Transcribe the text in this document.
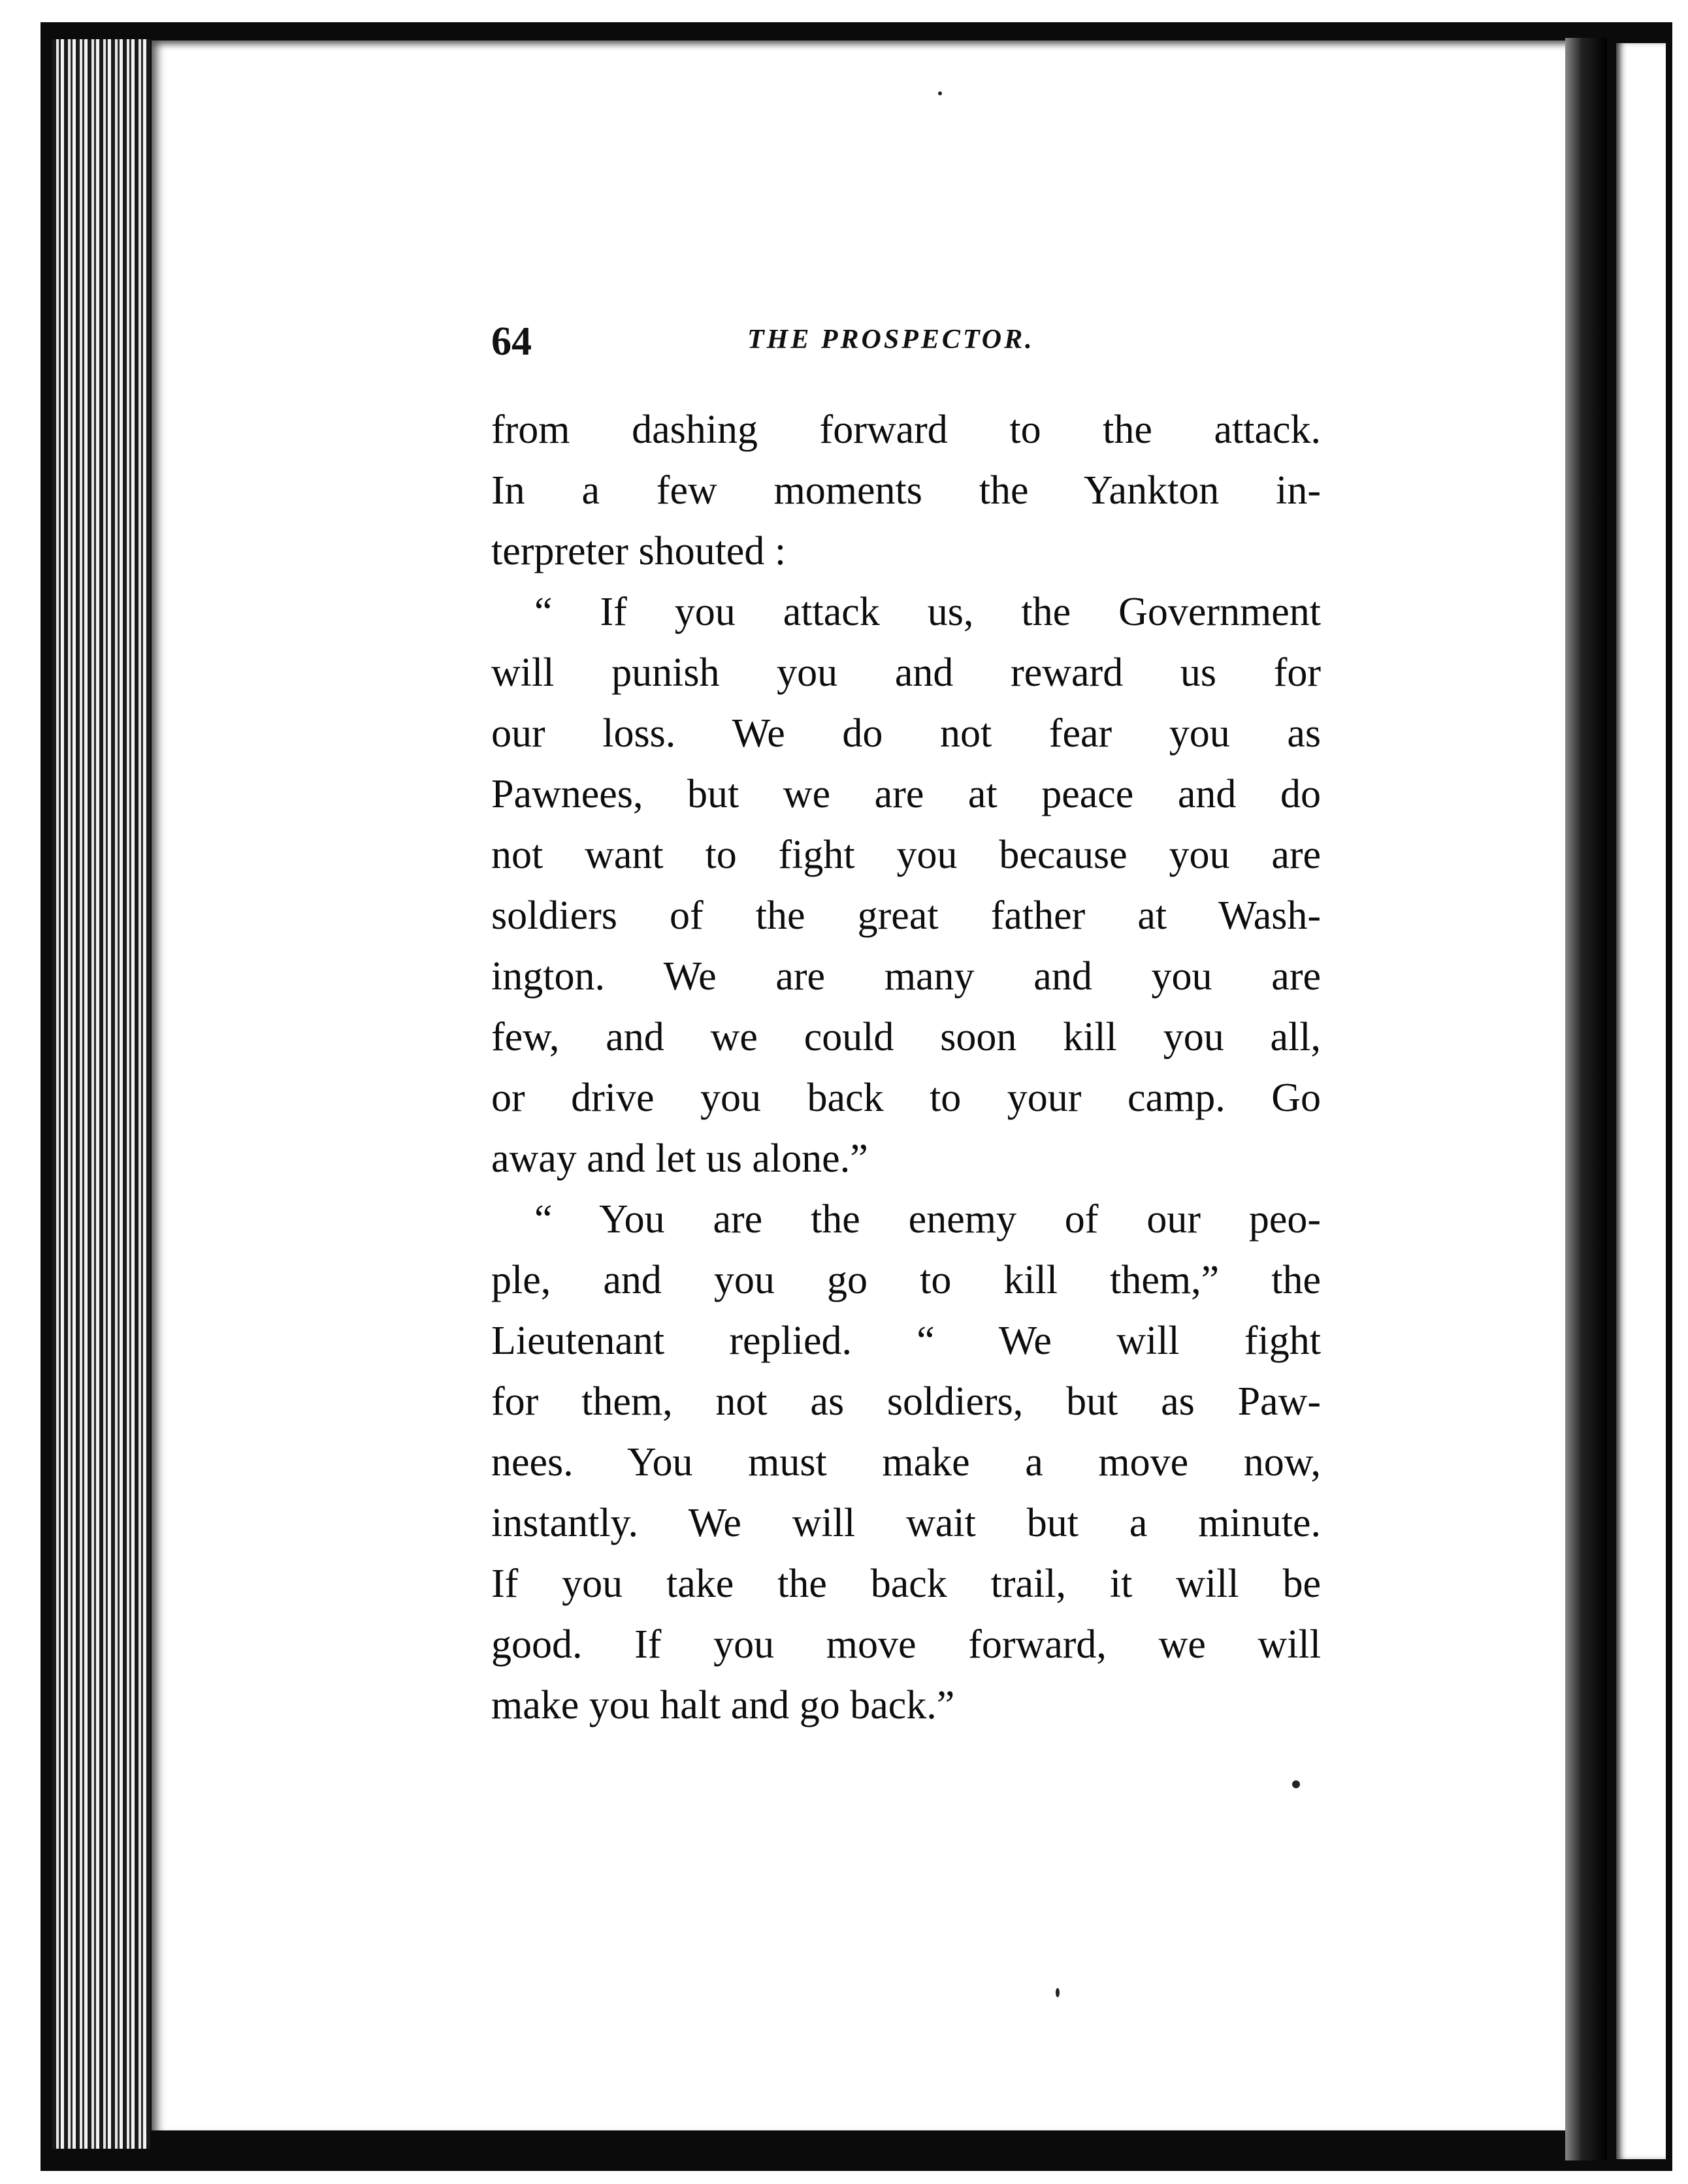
64	THE PROSPECTOR.
from dashing forward to the attack.
In a few moments the Yankton in-
terpreter shouted :
“ If you attack us, the Government
will punish you and reward us for
our loss. We do not fear you as
Pawnees, but we are at peace and do
not want to fight you because you are
soldiers of the great father at Wash-
ington. We are many and you are
few, and we could soon kill you all,
or drive you back to your camp. Go
away and let us alone.”
“ You are the enemy of our peo-
ple, and you go to kill them,” the
Lieutenant replied. “ We will fight
for them, not as soldiers, but as Paw-
nees. You must make a move now,
instantly. We will wait but a minute.
If you take the back trail, it will be
good. If you move forward, we will
make you halt and go back.”
